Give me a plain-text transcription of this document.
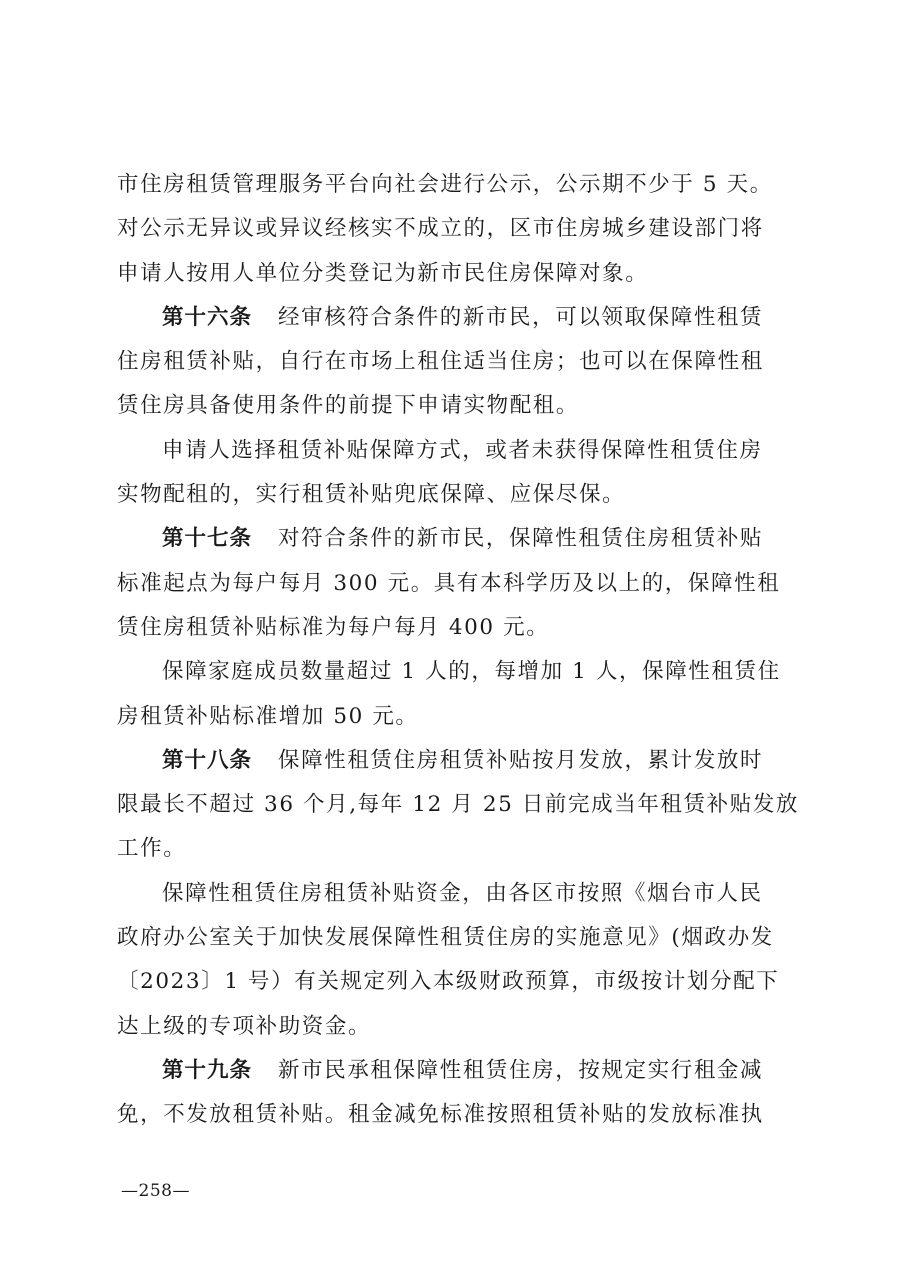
市住房租赁管理服务平台向社会进行公示，公示期不少于 5 天。
对公示无异议或异议经核实不成立的，区市住房城乡建设部门将
申请人按用人单位分类登记为新市民住房保障对象。

第十六条 经审核符合条件的新市民，可以领取保障性租赁
住房租赁补贴，自行在市场上租住适当住房；也可以在保障性租
赁住房具备使用条件的前提下申请实物配租。

申请人选择租赁补贴保障方式，或者未获得保障性租赁住房
实物配租的，实行租赁补贴兜底保障、应保尽保。

第十七条 对符合条件的新市民，保障性租赁住房租赁补贴
标准起点为每户每月 300 元。具有本科学历及以上的，保障性租
赁住房租赁补贴标准为每户每月 400 元。

保障家庭成员数量超过 1 人的，每增加 1 人，保障性租赁住
房租赁补贴标准增加 50 元。

第十八条 保障性租赁住房租赁补贴按月发放，累计发放时
限最长不超过 36 个月,每年 12 月 25 日前完成当年租赁补贴发放
工作。

保障性租赁住房租赁补贴资金，由各区市按照《烟台市人民
政府办公室关于加快发展保障性租赁住房的实施意见》(烟政办发
〔2023〕1 号）有关规定列入本级财政预算，市级按计划分配下
达上级的专项补助资金。

第十九条 新市民承租保障性租赁住房，按规定实行租金减
免，不发放租赁补贴。租金减免标准按照租赁补贴的发放标准执

—258—
